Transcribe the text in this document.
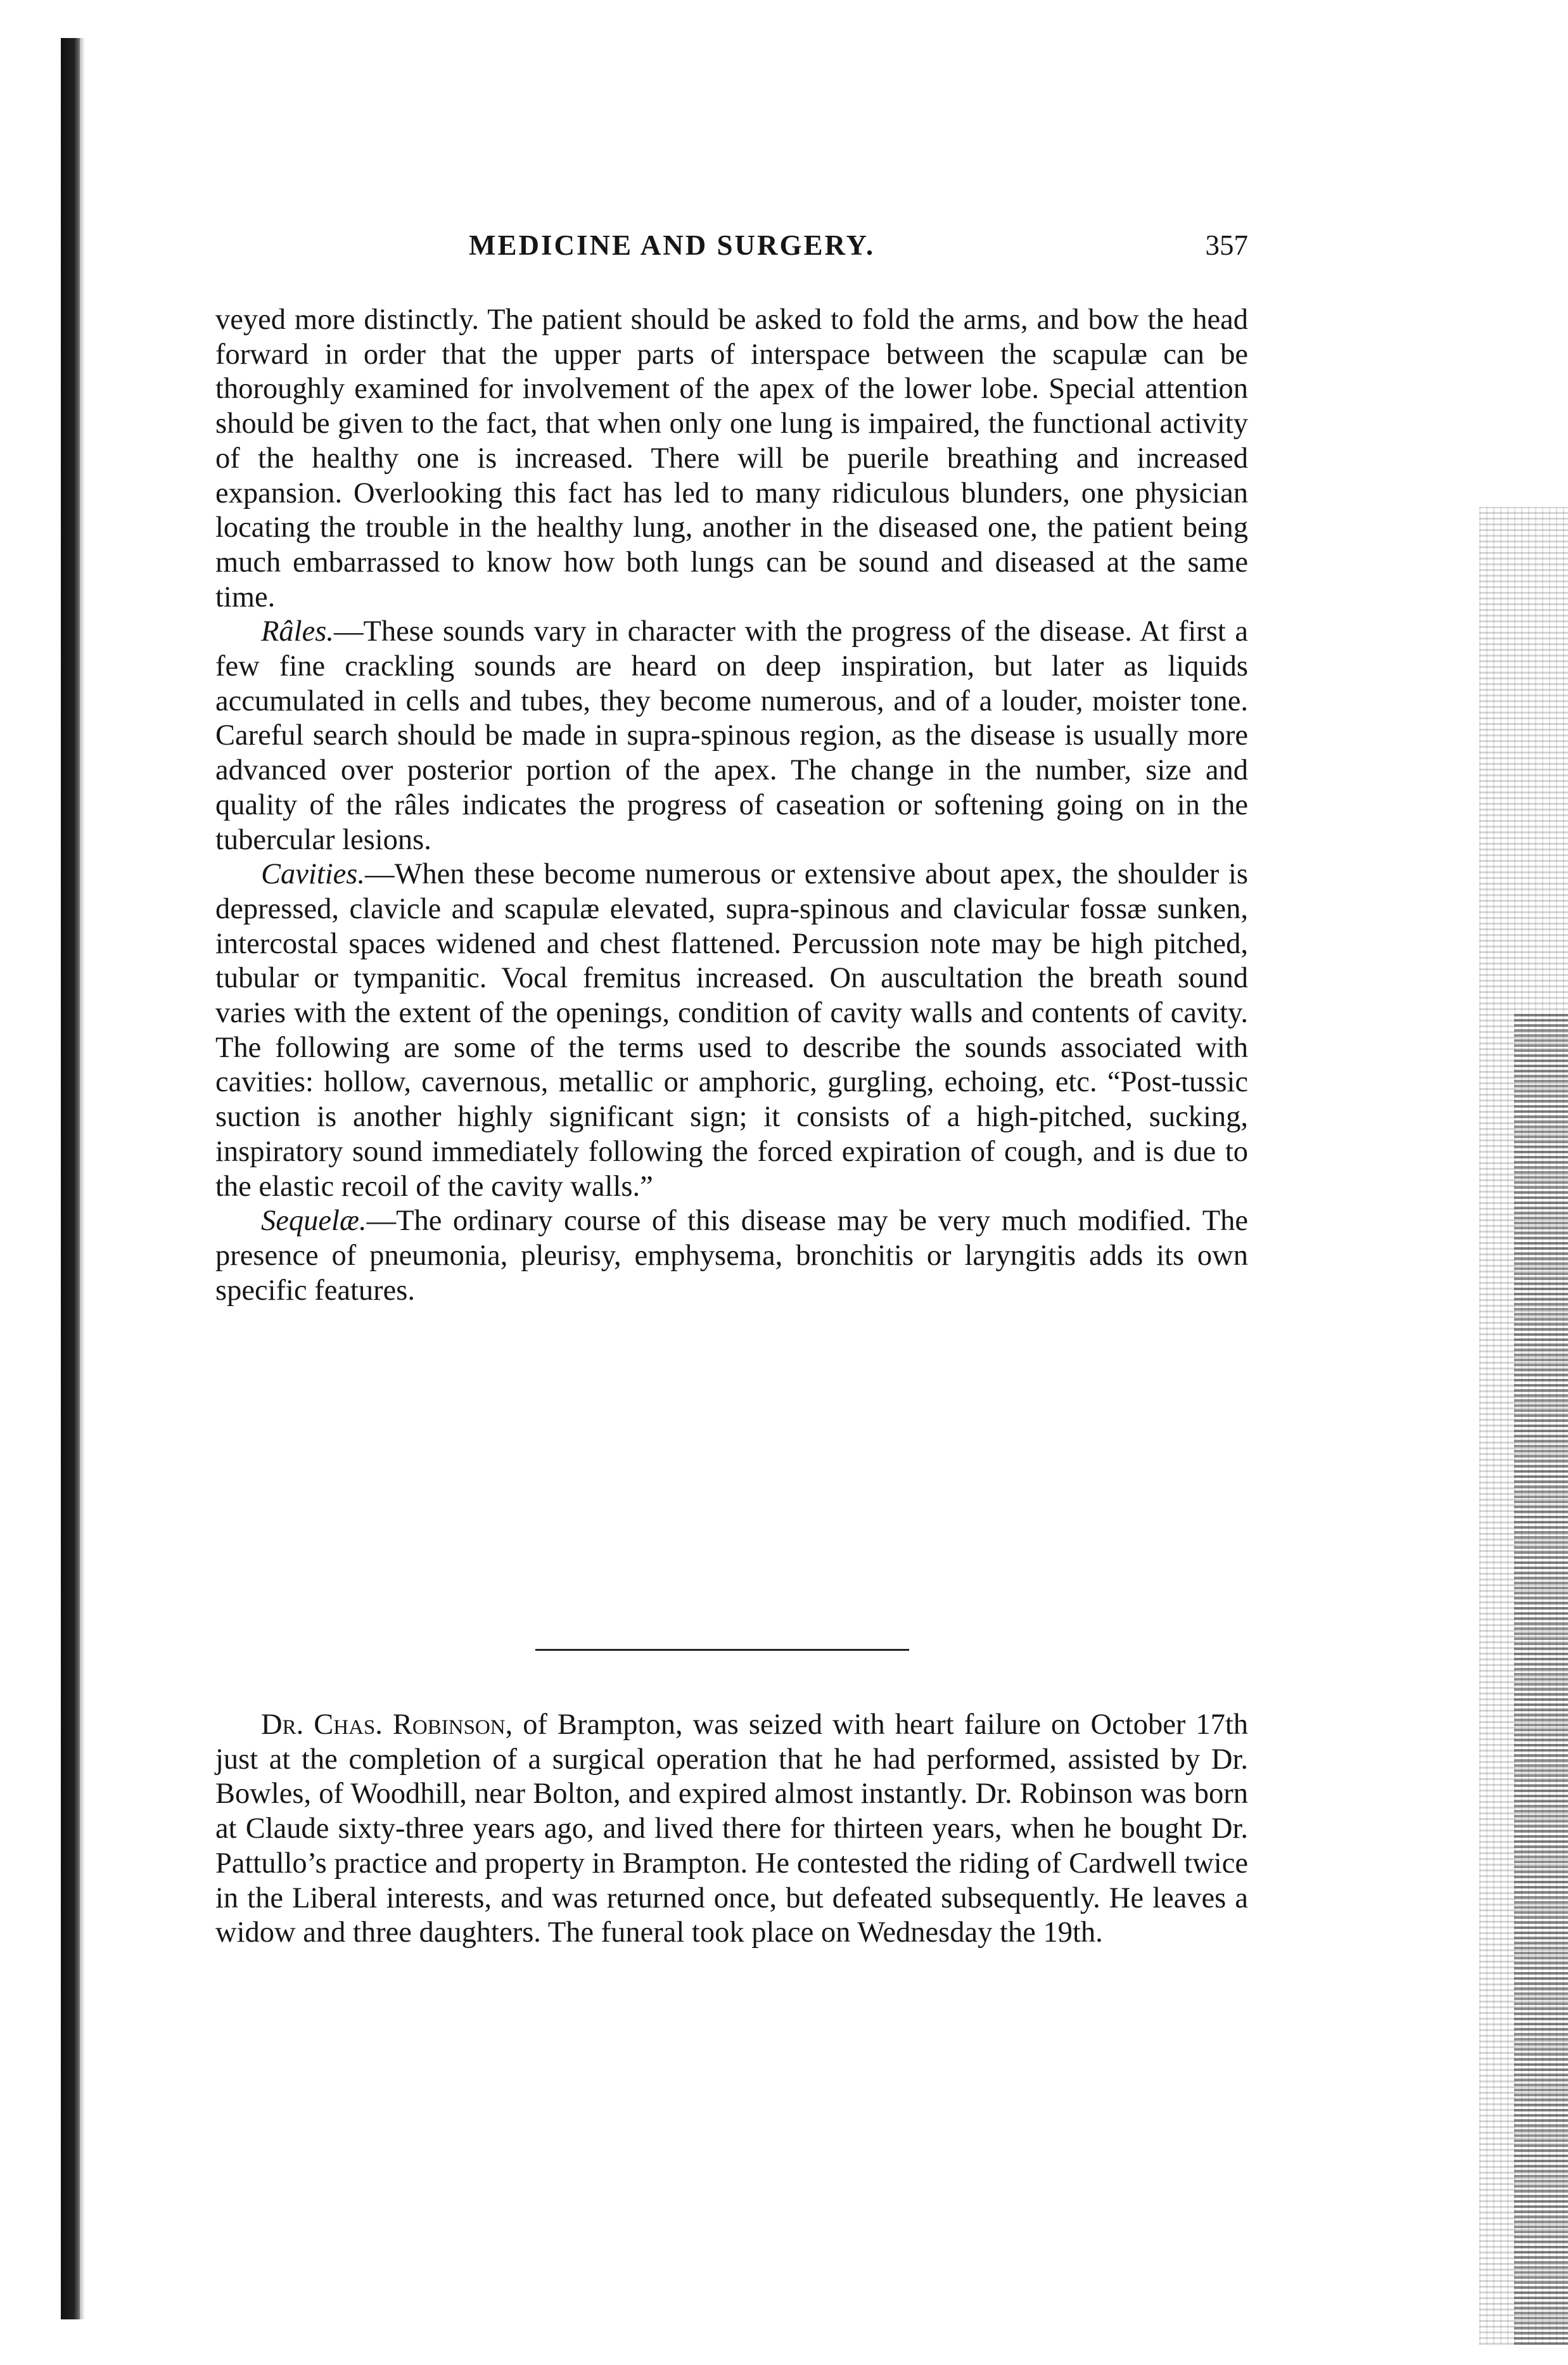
MEDICINE AND SURGERY.	357

veyed more distinctly. The patient should be asked to fold the arms, and bow the head forward in order that the upper parts of interspace between the scapulæ can be thoroughly examined for involvement of the apex of the lower lobe. Special attention should be given to the fact, that when only one lung is impaired, the functional activity of the healthy one is increased. There will be puerile breathing and increased expansion. Overlooking this fact has led to many ridiculous blunders, one physician locating the trouble in the healthy lung, another in the diseased one, the patient being much embarrassed to know how both lungs can be sound and diseased at the same time.

Râles.—These sounds vary in character with the progress of the disease. At first a few fine crackling sounds are heard on deep inspiration, but later as liquids accumulated in cells and tubes, they become numerous, and of a louder, moister tone. Careful search should be made in supra-spinous region, as the disease is usually more advanced over posterior portion of the apex. The change in the number, size and quality of the râles indicates the progress of caseation or softening going on in the tubercular lesions.

Cavities.—When these become numerous or extensive about apex, the shoulder is depressed, clavicle and scapulæ elevated, supra-spinous and clavicular fossæ sunken, intercostal spaces widened and chest flattened. Percussion note may be high pitched, tubular or tympanitic. Vocal fremitus increased. On auscultation the breath sound varies with the extent of the openings, condition of cavity walls and contents of cavity. The following are some of the terms used to describe the sounds associated with cavities: hollow, cavernous, metallic or amphoric, gurgling, echoing, etc. “Post-tussic suction is another highly significant sign; it consists of a high-pitched, sucking, inspiratory sound immediately following the forced expiration of cough, and is due to the elastic recoil of the cavity walls.”

Sequelæ.—The ordinary course of this disease may be very much modified. The presence of pneumonia, pleurisy, emphysema, bronchitis or laryngitis adds its own specific features.

Dr. Chas. Robinson, of Brampton, was seized with heart failure on October 17th just at the completion of a surgical operation that he had performed, assisted by Dr. Bowles, of Woodhill, near Bolton, and expired almost instantly. Dr. Robinson was born at Claude sixty-three years ago, and lived there for thirteen years, when he bought Dr. Pattullo’s practice and property in Brampton. He contested the riding of Cardwell twice in the Liberal interests, and was returned once, but defeated subsequently. He leaves a widow and three daughters. The funeral took place on Wednesday the 19th.
